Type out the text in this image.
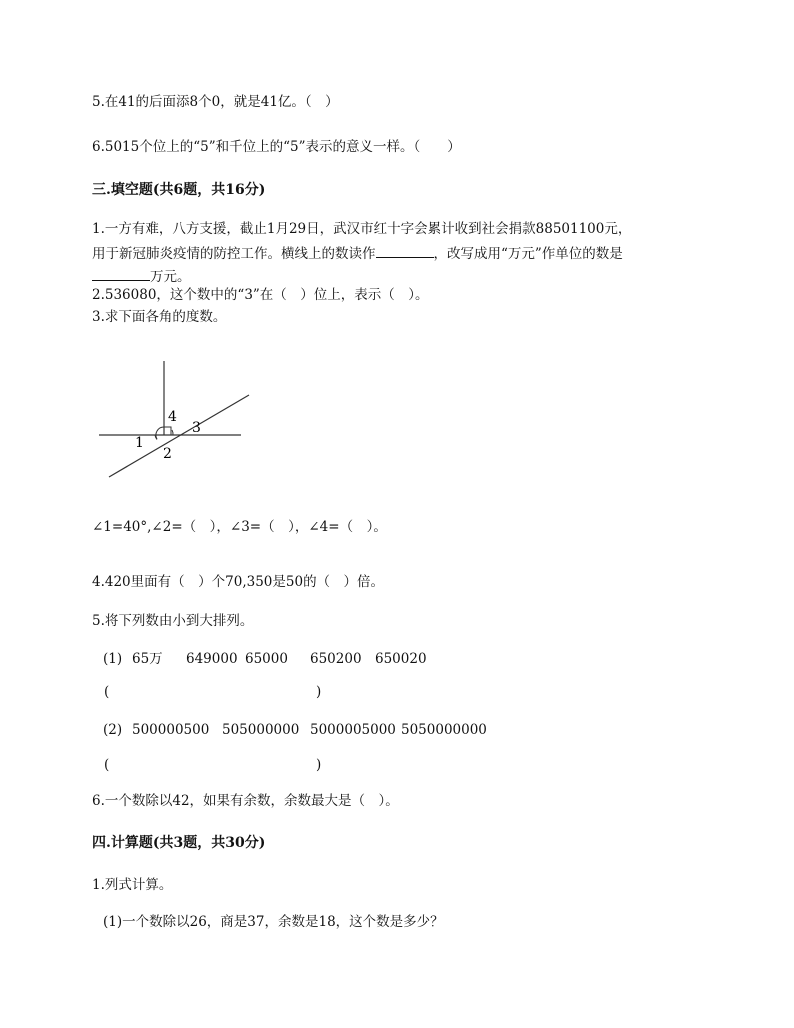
5.在41的后面添8个0，就是41亿。（　）
6.5015个位上的“5”和千位上的“5”表示的意义一样。（　　）
三.填空题(共6题，共16分)
1.一方有难，八方支援，截止1月29日，武汉市红十字会累计收到社会捐款88501100元，
用于新冠肺炎疫情的防控工作。横线上的数读作	，改写成用“万元”作单位的数是
万元。
2.536080，这个数中的“3”在（　）位上，表示（　）。
3.求下面各角的度数。
1
2
3
4
∠1=40°,∠2=（　），∠3=（　），∠4=（　）。
4.420里面有（　）个70,350是50的（　）倍。
5.将下列数由小到大排列。
(1) 65万 649000 65000 650200 650020
(	)
(2) 500000500 505000000 5000005000 5050000000
(	)
6.一个数除以42，如果有余数，余数最大是（　）。
四.计算题(共3题，共30分)
1.列式计算。
(1)一个数除以26，商是37，余数是18，这个数是多少？
